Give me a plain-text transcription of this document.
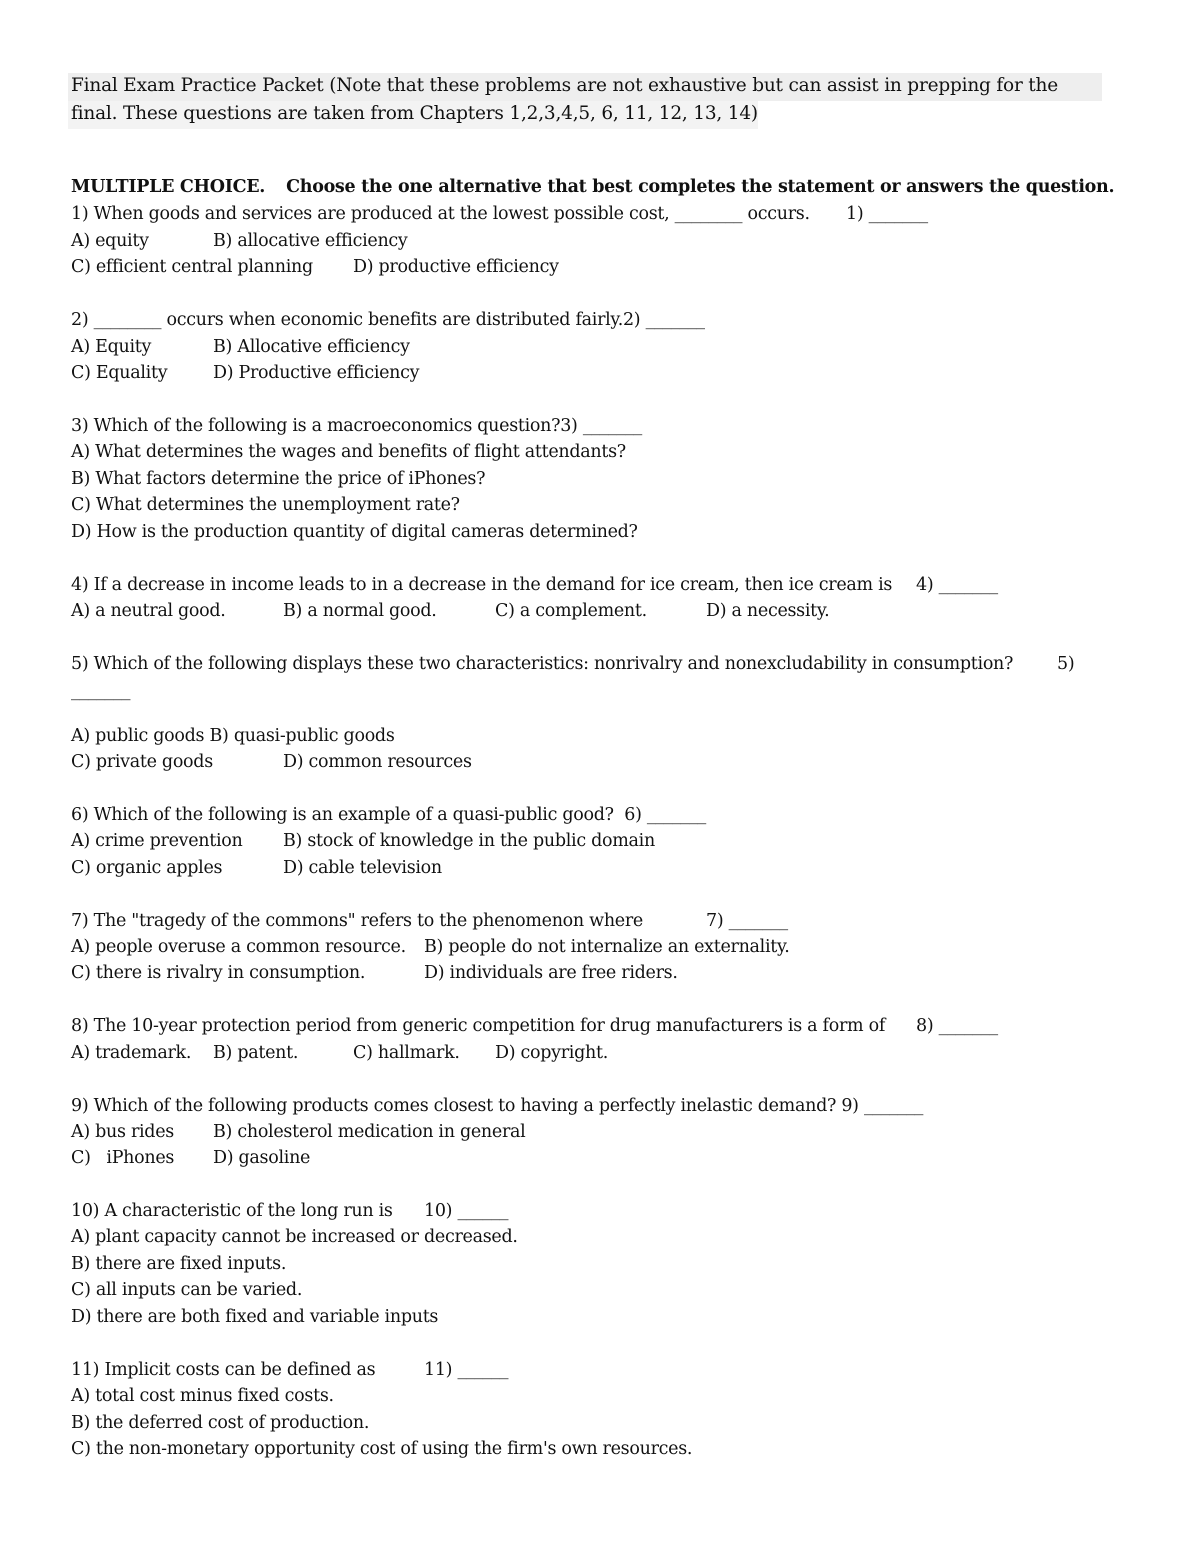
Final Exam Practice Packet (Note that these problems are not exhaustive but can assist in prepping for the
final. These questions are taken from Chapters 1,2,3,4,5, 6, 11, 12, 13, 14)
MULTIPLE CHOICE. Choose the one alternative that best completes the statement or answers the question.
1) When goods and services are produced at the lowest possible cost, ________ occurs. 1) _______
A) equity	B) allocative efficiency
C) efficient central planning D) productive efficiency
2) ________ occurs when economic benefits are distributed fairly.2) _______
A) Equity	B) Allocative efficiency
C) Equality	D) Productive efficiency
3) Which of the following is a macroeconomics question?3) _______
A) What determines the wages and benefits of flight attendants?
B) What factors determine the price of iPhones?
C) What determines the unemployment rate?
D) How is the production quantity of digital cameras determined?
4) If a decrease in income leads to in a decrease in the demand for ice cream, then ice cream is 4) _______
A) a neutral good.	B) a normal good.	C) a complement.	D) a necessity.
5) Which of the following displays these two characteristics: nonrivalry and nonexcludability in consumption?	5)
_______
A) public goods B) quasi-public goods
C) private goods	D) common resources
6) Which of the following is an example of a quasi-public good?  6) _______
A) crime prevention B) stock of knowledge in the public domain
C) organic apples	D) cable television
7) The "tragedy of the commons" refers to the phenomenon where	7) _______
A) people overuse a common resource. B) people do not internalize an externality.
C) there is rivalry in consumption.	D) individuals are free riders.
8) The 10-year protection period from generic competition for drug manufacturers is a form of 8) _______
A) trademark. B) patent.	C) hallmark. D) copyright.
9) Which of the following products comes closest to having a perfectly inelastic demand? 9) _______
A) bus rides B) cholesterol medication in general
C)   iPhones D) gasoline
10) A characteristic of the long run is 10) ______
A) plant capacity cannot be increased or decreased.
B) there are fixed inputs.
C) all inputs can be varied.
D) there are both fixed and variable inputs
11) Implicit costs can be defined as	11) ______
A) total cost minus fixed costs.
B) the deferred cost of production.
C) the non-monetary opportunity cost of using the firm's own resources.
